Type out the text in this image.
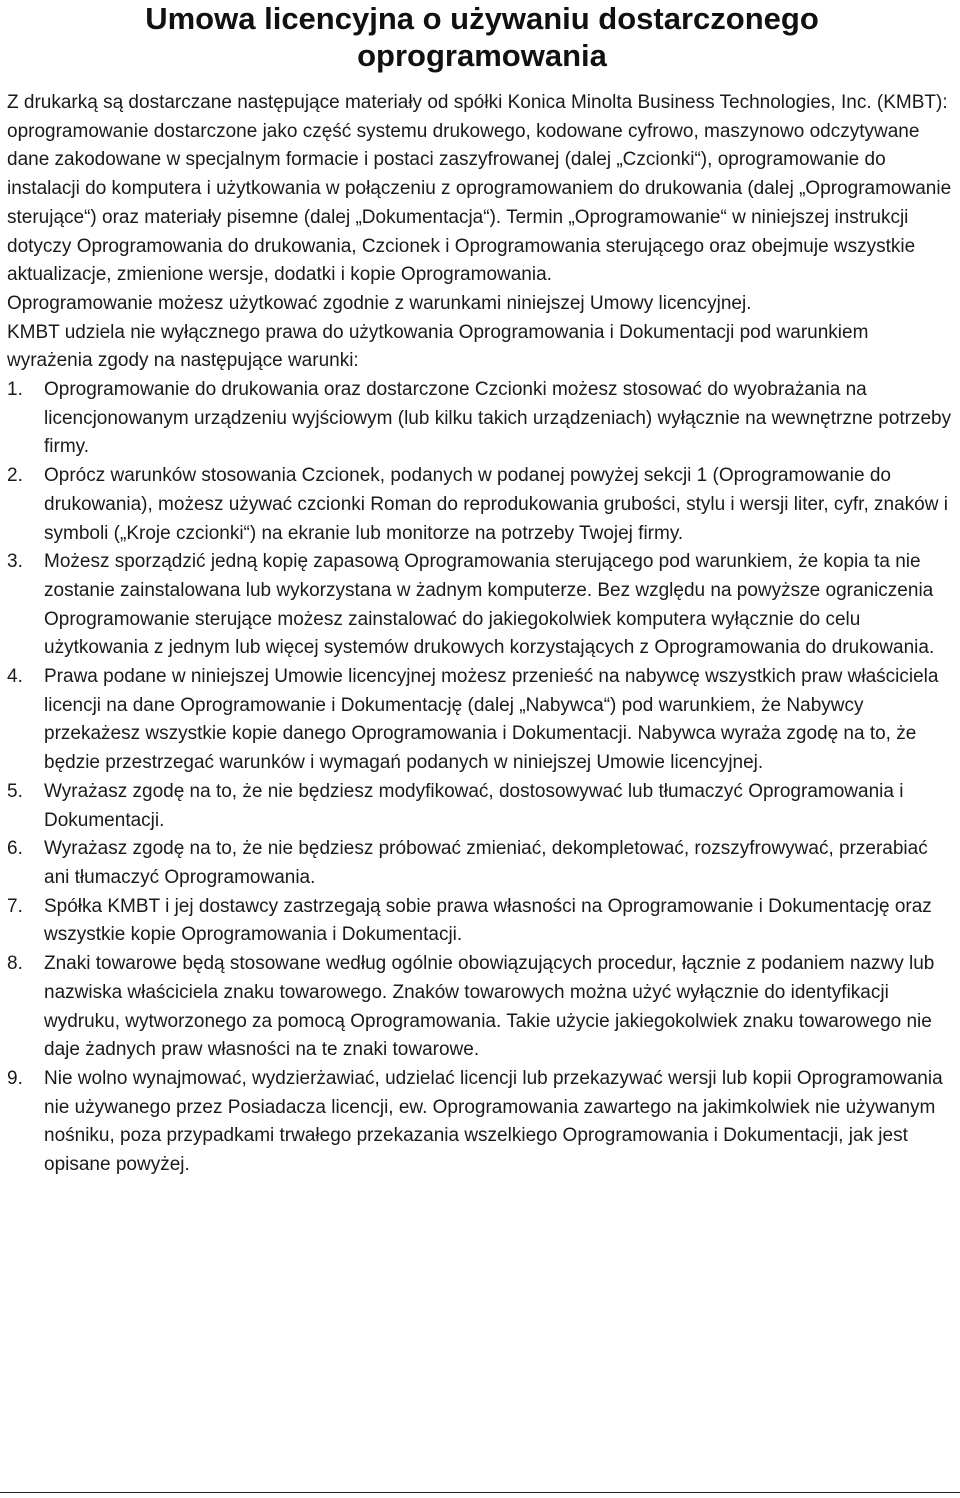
Umowa licencyjna o używaniu dostarczonego
oprogramowania

Z drukarką są dostarczane następujące materiały od spółki Konica Minolta Business Technologies, Inc. (KMBT): oprogramowanie dostarczone jako część systemu drukowego, kodowane cyfrowo, maszynowo odczytywane dane zakodowane w specjalnym formacie i postaci zaszyfrowanej (dalej „Czcionki“), oprogramowanie do instalacji do komputera i użytkowania w połączeniu z oprogramowaniem do drukowania (dalej „Oprogramowanie sterujące“) oraz materiały pisemne (dalej „Dokumentacja“). Termin „Oprogramowanie“ w niniejszej instrukcji dotyczy Oprogramowania do drukowania, Czcionek i Oprogramowania sterującego oraz obejmuje wszystkie aktualizacje, zmienione wersje, dodatki i kopie Oprogramowania.

Oprogramowanie możesz użytkować zgodnie z warunkami niniejszej Umowy licencyjnej.

KMBT udziela nie wyłącznego prawa do użytkowania Oprogramowania i Dokumentacji pod warunkiem wyrażenia zgody na następujące warunki:

1. Oprogramowanie do drukowania oraz dostarczone Czcionki możesz stosować do wyobrażania na licencjonowanym urządzeniu wyjściowym (lub kilku takich urządzeniach) wyłącznie na wewnętrzne potrzeby firmy.
2. Oprócz warunków stosowania Czcionek, podanych w podanej powyżej sekcji 1 (Oprogramowanie do drukowania), możesz używać czcionki Roman do reprodukowania grubości, stylu i wersji liter, cyfr, znaków i symboli („Kroje czcionki“) na ekranie lub monitorze na potrzeby Twojej firmy.
3. Możesz sporządzić jedną kopię zapasową Oprogramowania sterującego pod warunkiem, że kopia ta nie zostanie zainstalowana lub wykorzystana w żadnym komputerze. Bez względu na powyższe ograniczenia Oprogramowanie sterujące możesz zainstalować do jakiegokolwiek komputera wyłącznie do celu użytkowania z jednym lub więcej systemów drukowych korzystających z Oprogramowania do drukowania.
4. Prawa podane w niniejszej Umowie licencyjnej możesz przenieść na nabywcę wszystkich praw właściciela licencji na dane Oprogramowanie i Dokumentację (dalej „Nabywca“) pod warunkiem, że Nabywcy przekażesz wszystkie kopie danego Oprogramowania i Dokumentacji. Nabywca wyraża zgodę na to, że będzie przestrzegać warunków i wymagań podanych w niniejszej Umowie licencyjnej.
5. Wyrażasz zgodę na to, że nie będziesz modyfikować, dostosowywać lub tłumaczyć Oprogramowania i Dokumentacji.
6. Wyrażasz zgodę na to, że nie będziesz próbować zmieniać, dekompletować, rozszyfrowywać, przerabiać ani tłumaczyć Oprogramowania.
7. Spółka KMBT i jej dostawcy zastrzegają sobie prawa własności na Oprogramowanie i Dokumentację oraz wszystkie kopie Oprogramowania i Dokumentacji.
8. Znaki towarowe będą stosowane według ogólnie obowiązujących procedur, łącznie z podaniem nazwy lub nazwiska właściciela znaku towarowego. Znaków towarowych można użyć wyłącznie do identyfikacji wydruku, wytworzonego za pomocą Oprogramowania. Takie użycie jakiegokolwiek znaku towarowego nie daje żadnych praw własności na te znaki towarowe.
9. Nie wolno wynajmować, wydzierżawiać, udzielać licencji lub przekazywać wersji lub kopii Oprogramowania nie używanego przez Posiadacza licencji, ew. Oprogramowania zawartego na jakimkolwiek nie używanym nośniku, poza przypadkami trwałego przekazania wszelkiego Oprogramowania i Dokumentacji, jak jest opisane powyżej.
